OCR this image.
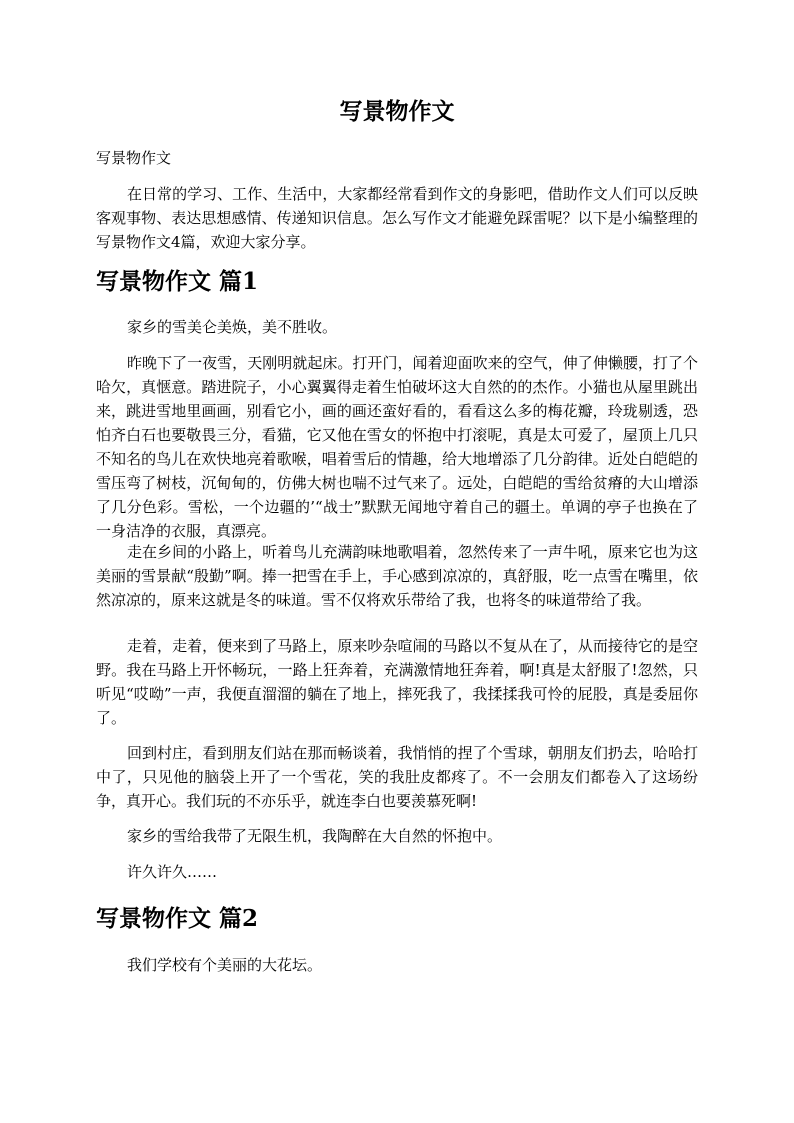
写景物作文

写景物作文

在日常的学习、工作、生活中，大家都经常看到作文的身影吧，借助作文人们可以反映客观事物、表达思想感情、传递知识信息。怎么写作文才能避免踩雷呢？以下是小编整理的写景物作文4篇，欢迎大家分享。

写景物作文 篇1

家乡的雪美仑美焕，美不胜收。

昨晚下了一夜雪，天刚明就起床。打开门，闻着迎面吹来的空气，伸了伸懒腰，打了个哈欠，真惬意。踏进院子，小心翼翼得走着生怕破坏这大自然的的杰作。小猫也从屋里跳出来，跳进雪地里画画，别看它小，画的画还蛮好看的，看看这么多的梅花瓣，玲珑剔透，恐怕齐白石也要敬畏三分，看猫，它又他在雪女的怀抱中打滚呢，真是太可爱了，屋顶上几只不知名的鸟儿在欢快地亮着歌喉，唱着雪后的情趣，给大地增添了几分韵律。近处白皑皑的雪压弯了树枝，沉甸甸的，仿佛大树也喘不过气来了。远处，白皑皑的雪给贫瘠的大山增添了几分色彩。雪松，一个边疆的’“战士”默默无闻地守着自己的疆土。单调的亭子也换在了一身洁净的衣服，真漂亮。

走在乡间的小路上，听着鸟儿充满韵味地歌唱着，忽然传来了一声牛吼，原来它也为这美丽的雪景献“殷勤”啊。捧一把雪在手上，手心感到凉凉的，真舒服，吃一点雪在嘴里，依然凉凉的，原来这就是冬的味道。雪不仅将欢乐带给了我，也将冬的味道带给了我。

走着，走着，便来到了马路上，原来吵杂喧闹的马路以不复从在了，从而接待它的是空野。我在马路上开怀畅玩，一路上狂奔着，充满激情地狂奔着，啊!真是太舒服了!忽然，只听见“哎呦”一声，我便直溜溜的躺在了地上，摔死我了，我揉揉我可怜的屁股，真是委屈你了。

回到村庄，看到朋友们站在那而畅谈着，我悄悄的捏了个雪球，朝朋友们扔去，哈哈打中了，只见他的脑袋上开了一个雪花，笑的我肚皮都疼了。不一会朋友们都卷入了这场纷争，真开心。我们玩的不亦乐乎，就连李白也要羡慕死啊!

家乡的雪给我带了无限生机，我陶醉在大自然的怀抱中。

许久许久……

写景物作文 篇2

我们学校有个美丽的大花坛。
